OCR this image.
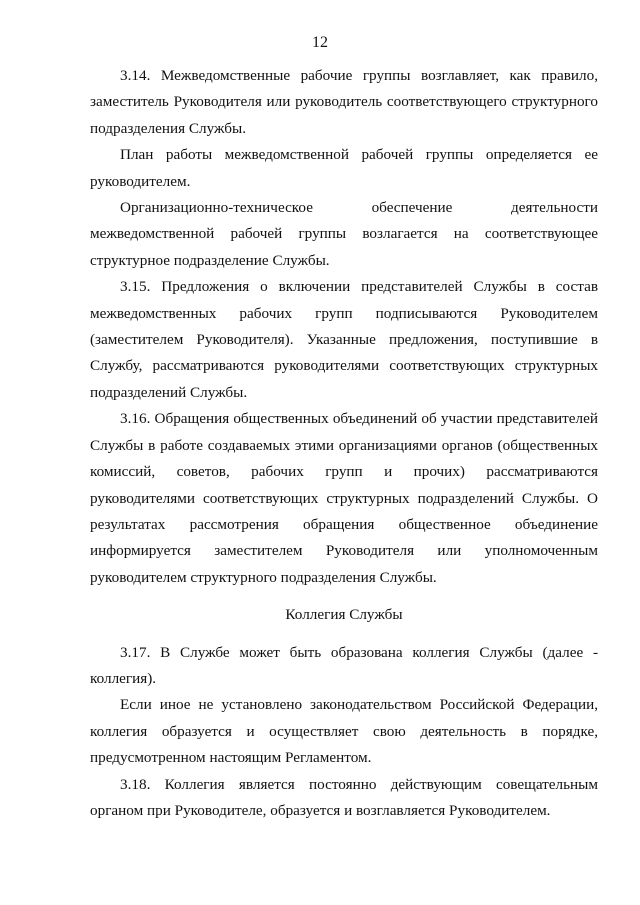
12

3.14. Межведомственные рабочие группы возглавляет, как правило, заместитель Руководителя или руководитель соответствующего структурного подразделения Службы.

План работы межведомственной рабочей группы определяется ее руководителем.

Организационно-техническое обеспечение деятельности межведомственной рабочей группы возлагается на соответствующее структурное подразделение Службы.

3.15. Предложения о включении представителей Службы в состав межведомственных рабочих групп подписываются Руководителем (заместителем Руководителя). Указанные предложения, поступившие в Службу, рассматриваются руководителями соответствующих структурных подразделений Службы.

3.16. Обращения общественных объединений об участии представителей Службы в работе создаваемых этими организациями органов (общественных комиссий, советов, рабочих групп и прочих) рассматриваются руководителями соответствующих структурных подразделений Службы. О результатах рассмотрения обращения общественное объединение информируется заместителем Руководителя или уполномоченным руководителем структурного подразделения Службы.

Коллегия Службы

3.17. В Службе может быть образована коллегия Службы (далее - коллегия).

Если иное не установлено законодательством Российской Федерации, коллегия образуется и осуществляет свою деятельность в порядке, предусмотренном настоящим Регламентом.

3.18. Коллегия является постоянно действующим совещательным органом при Руководителе, образуется и возглавляется Руководителем.
